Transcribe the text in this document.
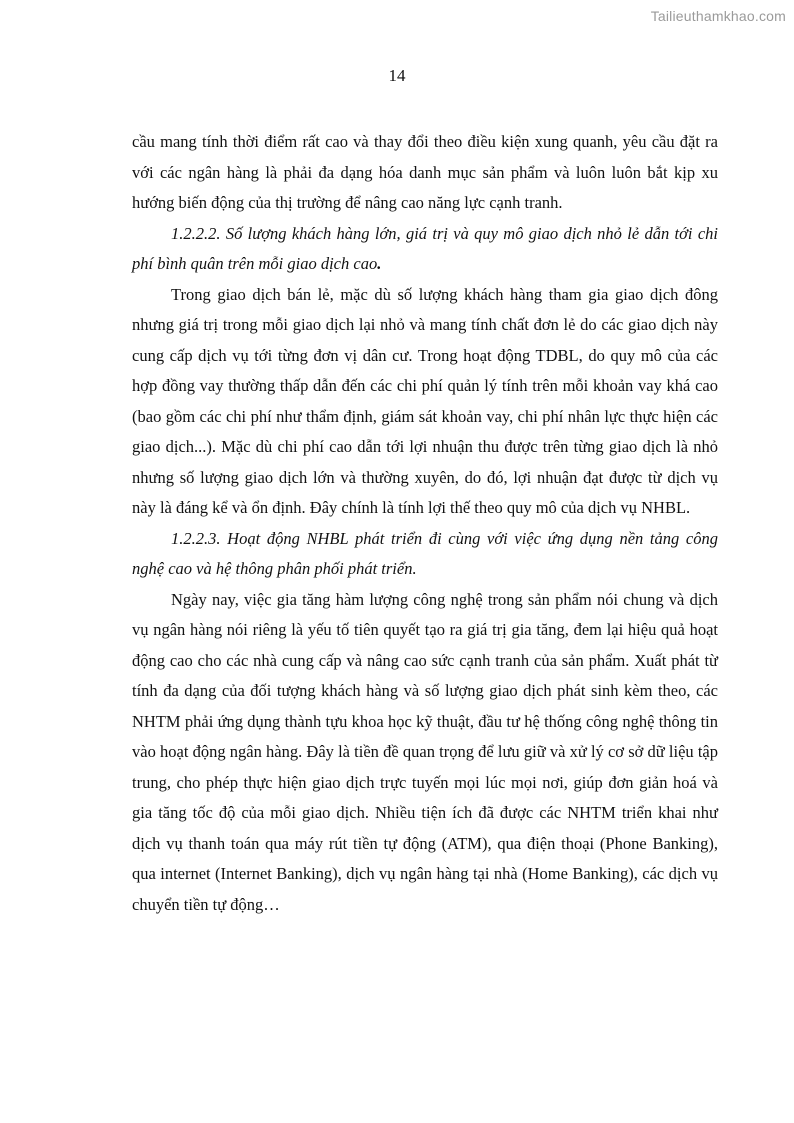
Tailieuthamkhao.com
14

cầu mang tính thời điểm rất cao và thay đổi theo điều kiện xung quanh, yêu cầu đặt ra với các ngân hàng là phải đa dạng hóa danh mục sản phẩm và luôn luôn bắt kịp xu hướng biến động của thị trường để nâng cao năng lực cạnh tranh.

1.2.2.2. Số lượng khách hàng lớn, giá trị và quy mô giao dịch nhỏ lẻ dẫn tới chi phí bình quân trên mỗi giao dịch cao.

Trong giao dịch bán lẻ, mặc dù số lượng khách hàng tham gia giao dịch đông nhưng giá trị trong mỗi giao dịch lại nhỏ và mang tính chất đơn lẻ do các giao dịch này cung cấp dịch vụ tới từng đơn vị dân cư. Trong hoạt động TDBL, do quy mô của các hợp đồng vay thường thấp dẫn đến các chi phí quản lý tính trên mỗi khoản vay khá cao (bao gồm các chi phí như thẩm định, giám sát khoản vay, chi phí nhân lực thực hiện các giao dịch...). Mặc dù chi phí cao dẫn tới lợi nhuận thu được trên từng giao dịch là nhỏ nhưng số lượng giao dịch lớn và thường xuyên, do đó, lợi nhuận đạt được từ dịch vụ này là đáng kể và ổn định. Đây chính là tính lợi thế theo quy mô của dịch vụ NHBL.

1.2.2.3. Hoạt động NHBL phát triển đi cùng với việc ứng dụng nền tảng công nghệ cao và hệ thông phân phối phát triển.

Ngày nay, việc gia tăng hàm lượng công nghệ trong sản phẩm nói chung và dịch vụ ngân hàng nói riêng là yếu tố tiên quyết tạo ra giá trị gia tăng, đem lại hiệu quả hoạt động cao cho các nhà cung cấp và nâng cao sức cạnh tranh của sản phẩm. Xuất phát từ tính đa dạng của đối tượng khách hàng và số lượng giao dịch phát sinh kèm theo, các NHTM phải ứng dụng thành tựu khoa học kỹ thuật, đầu tư hệ thống công nghệ thông tin vào hoạt động ngân hàng. Đây là tiền đề quan trọng để lưu giữ và xử lý cơ sở dữ liệu tập trung, cho phép thực hiện giao dịch trực tuyến mọi lúc mọi nơi, giúp đơn giản hoá và gia tăng tốc độ của mỗi giao dịch. Nhiều tiện ích đã được các NHTM triển khai như dịch vụ thanh toán qua máy rút tiền tự động (ATM), qua điện thoại (Phone Banking), qua internet (Internet Banking), dịch vụ ngân hàng tại nhà (Home Banking), các dịch vụ chuyển tiền tự động…
